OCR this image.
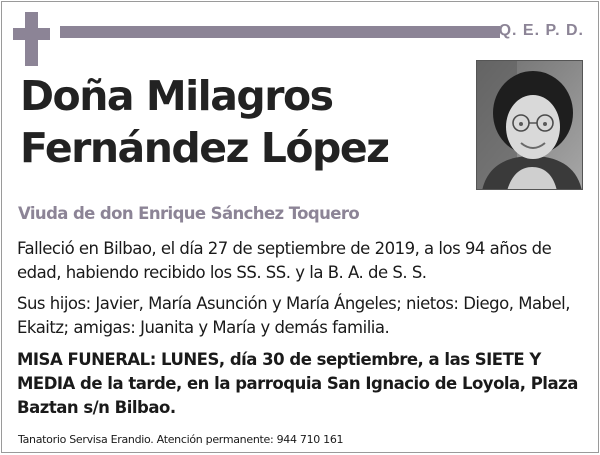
Q. E. P. D.
Doña Milagros
Fernández López
Viuda de don Enrique Sánchez Toquero

Falleció en Bilbao, el día 27 de septiembre de 2019, a los 94 años de edad, habiendo recibido los SS. SS. y la B. A. de S. S.

Sus hijos: Javier, María Asunción y María Ángeles; nietos: Diego, Mabel, Ekaitz; amigas: Juanita y María y demás familia.

MISA FUNERAL: LUNES, día 30 de septiembre, a las SIETE Y MEDIA de la tarde, en la parroquia San Ignacio de Loyola, Plaza Baztan s/n Bilbao.

Tanatorio Servisa Erandio. Atención permanente: 944 710 161
